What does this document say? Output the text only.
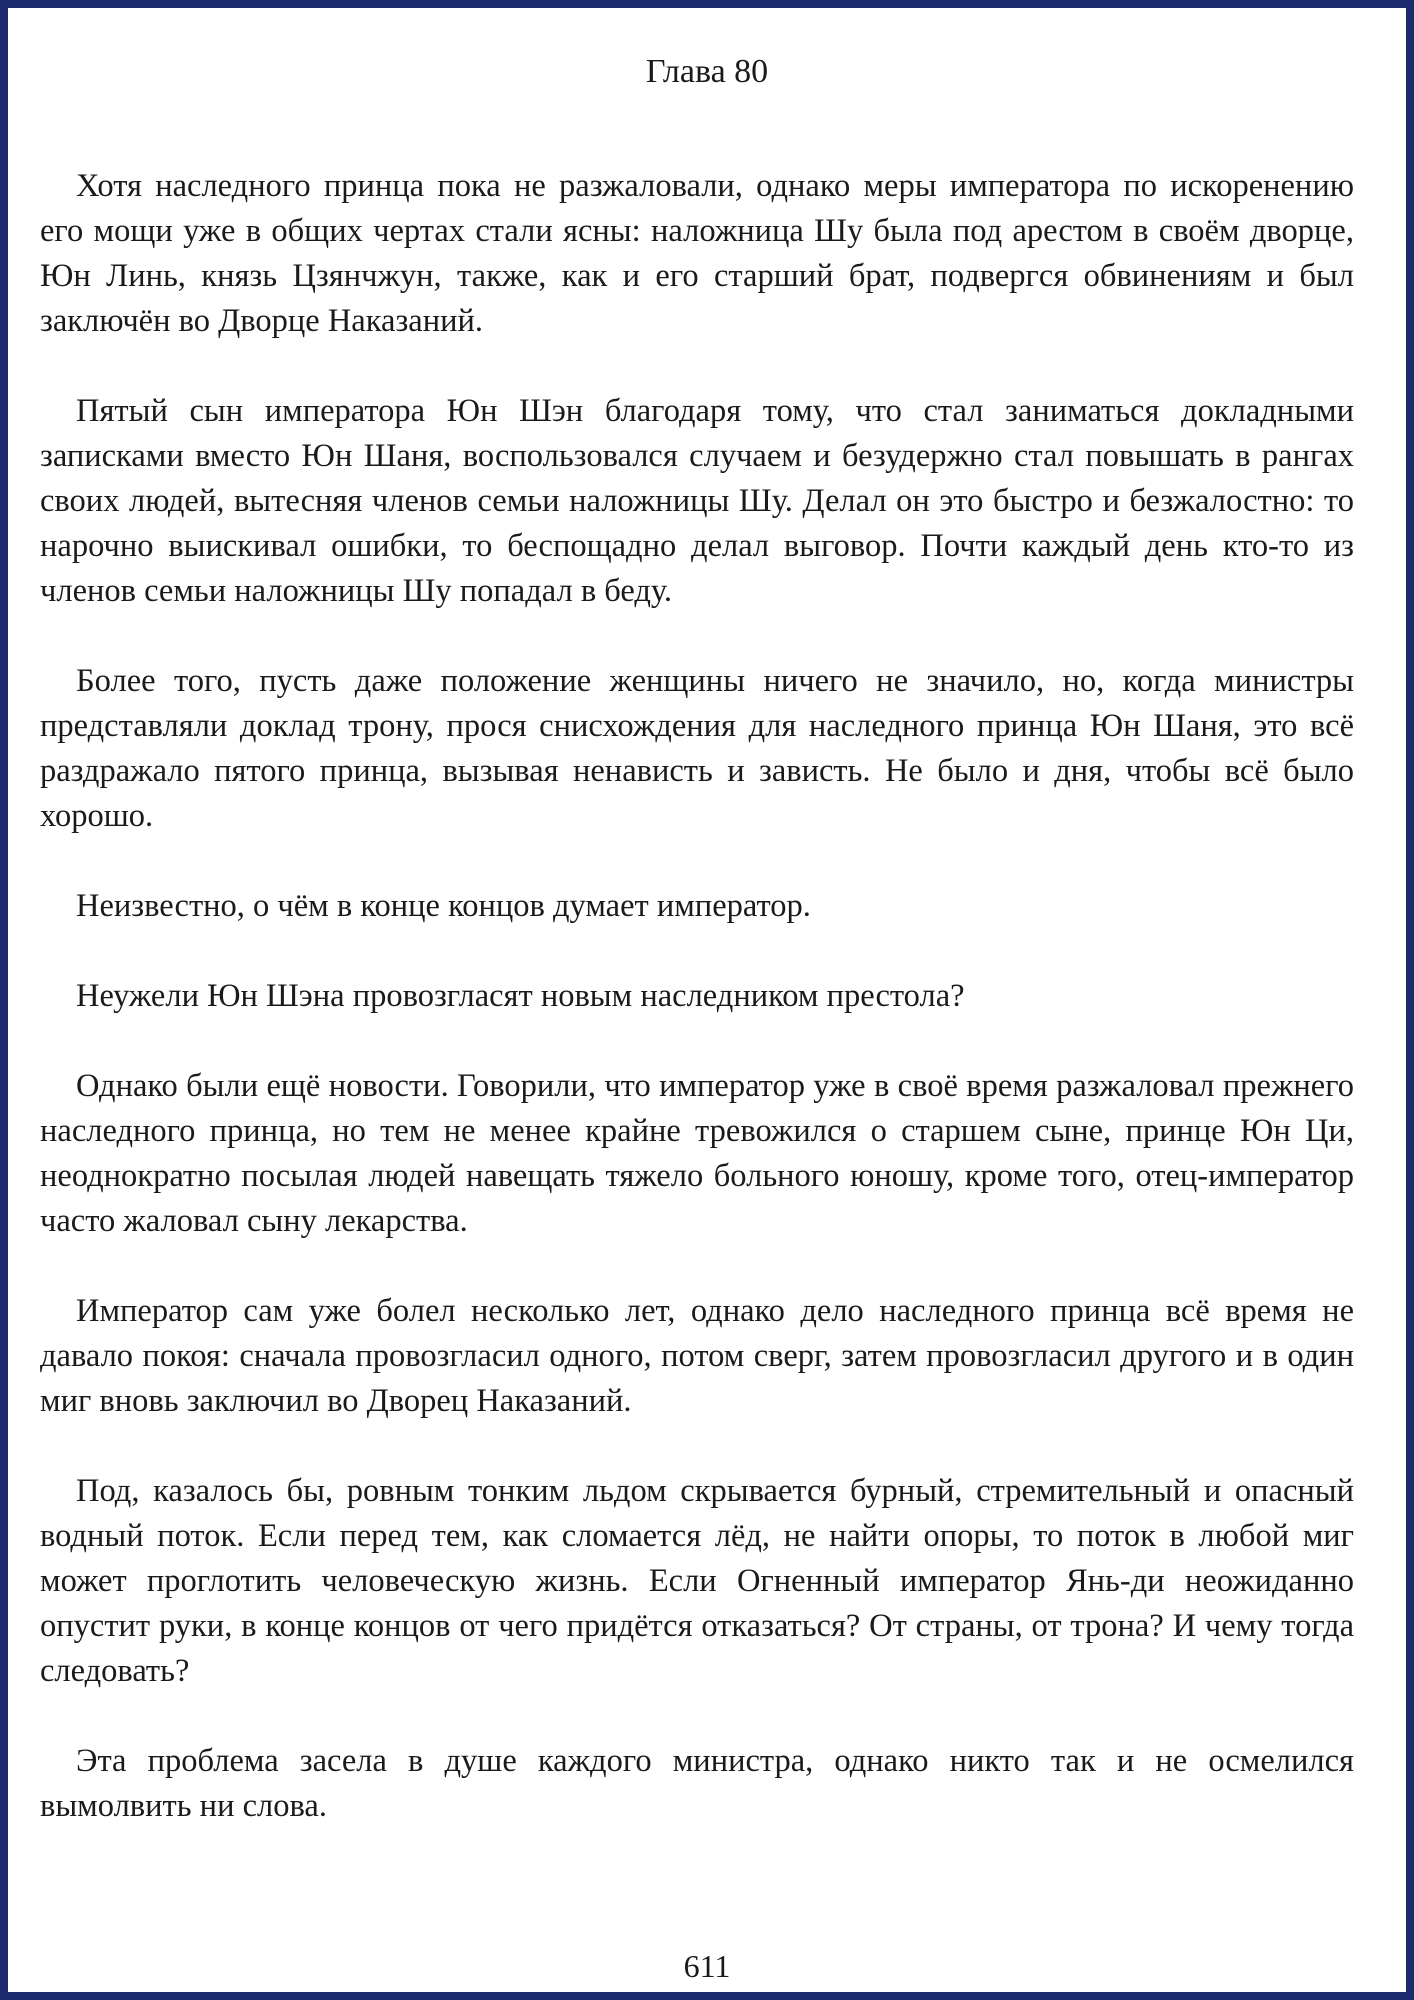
Глава 80

Хотя наследного принца пока не разжаловали, однако меры императора по искоренению его мощи уже в общих чертах стали ясны: наложница Шу была под арестом в своём дворце, Юн Линь, князь Цзянчжун, также, как и его старший брат, подвергся обвинениям и был заключён во Дворце Наказаний.

Пятый сын императора Юн Шэн благодаря тому, что стал заниматься докладными записками вместо Юн Шаня, воспользовался случаем и безудержно стал повышать в рангах своих людей, вытесняя членов семьи наложницы Шу. Делал он это быстро и безжалостно: то нарочно выискивал ошибки, то беспощадно делал выговор. Почти каждый день кто-то из членов семьи наложницы Шу попадал в беду.

Более того, пусть даже положение женщины ничего не значило, но, когда министры представляли доклад трону, прося снисхождения для наследного принца Юн Шаня, это всё раздражало пятого принца, вызывая ненависть и зависть. Не было и дня, чтобы всё было хорошо.

Неизвестно, о чём в конце концов думает император.

Неужели Юн Шэна провозгласят новым наследником престола?

Однако были ещё новости. Говорили, что император уже в своё время разжаловал прежнего наследного принца, но тем не менее крайне тревожился о старшем сыне, принце Юн Ци, неоднократно посылая людей навещать тяжело больного юношу, кроме того, отец-император часто жаловал сыну лекарства.

Император сам уже болел несколько лет, однако дело наследного принца всё время не давало покоя: сначала провозгласил одного, потом сверг, затем провозгласил другого и в один миг вновь заключил во Дворец Наказаний.

Под, казалось бы, ровным тонким льдом скрывается бурный, стремительный и опасный водный поток. Если перед тем, как сломается лёд, не найти опоры, то поток в любой миг может проглотить человеческую жизнь. Если Огненный император Янь-ди неожиданно опустит руки, в конце концов от чего придётся отказаться? От страны, от трона? И чему тогда следовать?

Эта проблема засела в душе каждого министра, однако никто так и не осмелился вымолвить ни слова.

611
